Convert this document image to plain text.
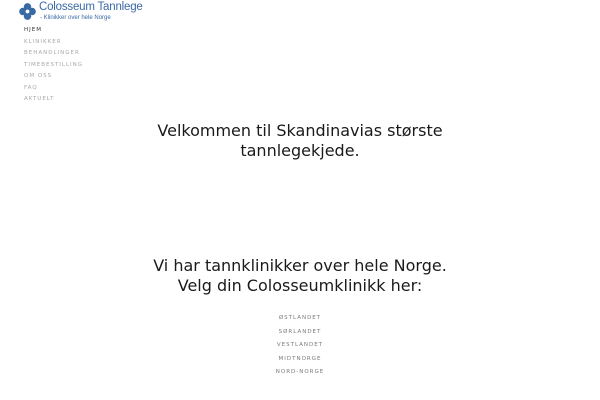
Colosseum Tannlege
- Klinikker over hele Norge
HJEM
KLINIKKER
BEHANDLINGER
TIMEBESTILLING
OM OSS
FAQ
AKTUELT
Velkommen til Skandinavias største
tannlegekjede.
Vi har tannklinikker over hele Norge.
Velg din Colosseumklinikk her:
ØSTLANDET
SØRLANDET
VESTLANDET
MIDTNORGE
NORD-NORGE
